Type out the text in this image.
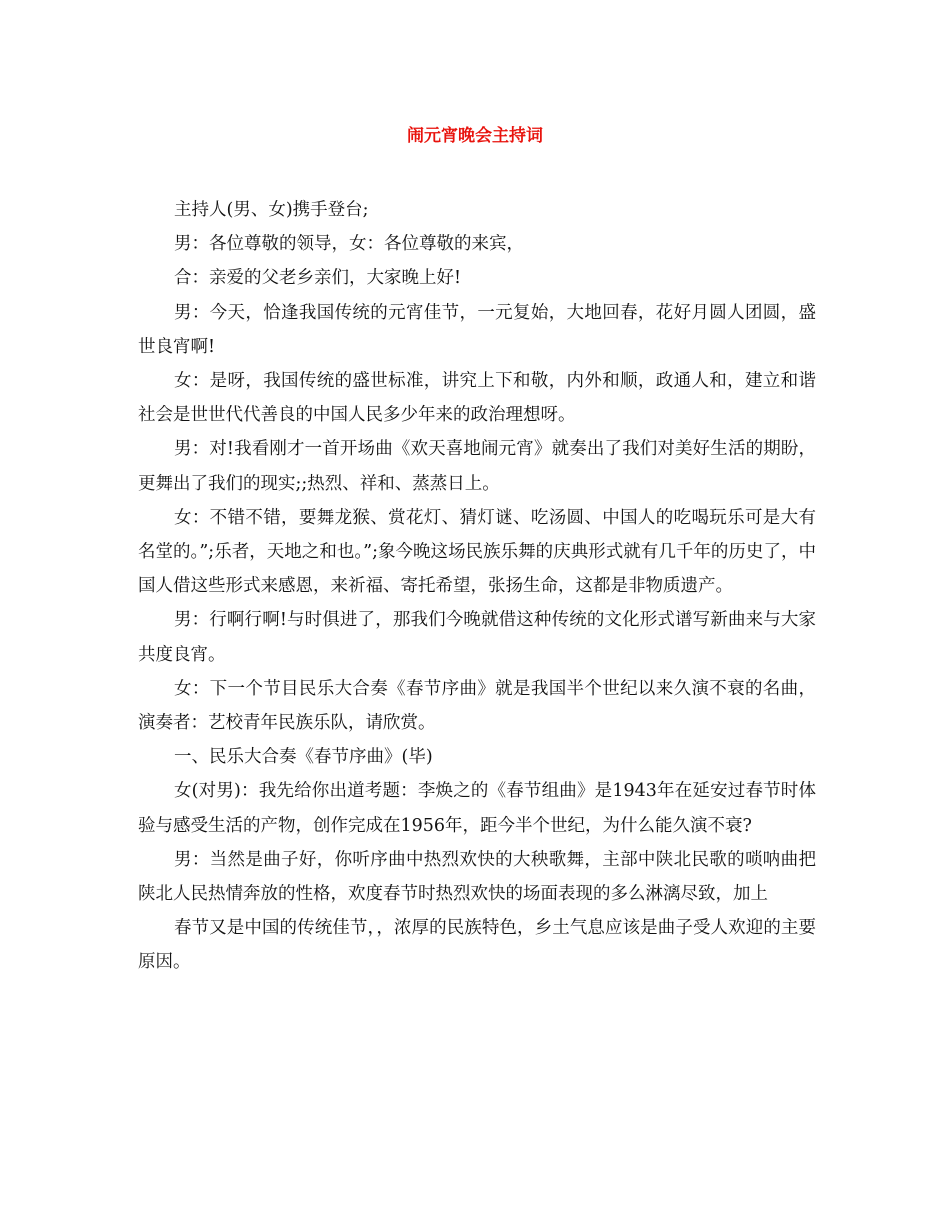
闹元宵晚会主持词

主持人(男、女)携手登台;

男：各位尊敬的领导，女：各位尊敬的来宾，

合：亲爱的父老乡亲们，大家晚上好!

男：今天，恰逢我国传统的元宵佳节，一元复始，大地回春，花好月圆人团圆，盛世良宵啊!

女：是呀，我国传统的盛世标准，讲究上下和敬，内外和顺，政通人和，建立和谐社会是世世代代善良的中国人民多少年来的政治理想呀。

男：对!我看刚才一首开场曲《欢天喜地闹元宵》就奏出了我们对美好生活的期盼，更舞出了我们的现实;;热烈、祥和、蒸蒸日上。

女：不错不错，要舞龙猴、赏花灯、猜灯谜、吃汤圆、中国人的吃喝玩乐可是大有名堂的。”;乐者，天地之和也。”;象今晚这场民族乐舞的庆典形式就有几千年的历史了，中国人借这些形式来感恩，来祈福、寄托希望，张扬生命，这都是非物质遗产。

男：行啊行啊!与时俱进了，那我们今晚就借这种传统的文化形式谱写新曲来与大家共度良宵。

女：下一个节目民乐大合奏《春节序曲》就是我国半个世纪以来久演不衰的名曲，演奏者：艺校青年民族乐队，请欣赏。

一、民乐大合奏《春节序曲》(毕)

女(对男)：我先给你出道考题：李焕之的《春节组曲》是1943年在延安过春节时体验与感受生活的产物，创作完成在1956年，距今半个世纪，为什么能久演不衰?

男：当然是曲子好，你听序曲中热烈欢快的大秧歌舞，主部中陕北民歌的唢呐曲把陕北人民热情奔放的性格，欢度春节时热烈欢快的场面表现的多么淋漓尽致，加上

春节又是中国的传统佳节，，浓厚的民族特色，乡土气息应该是曲子受人欢迎的主要原因。
